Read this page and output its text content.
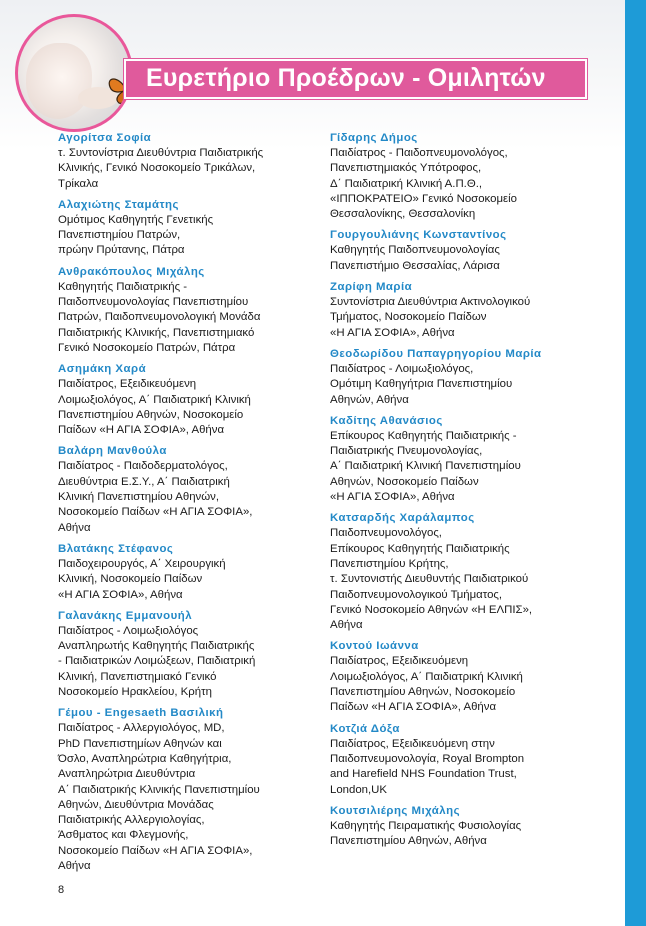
Ευρετήριο Προέδρων - Ομιλητών
Αγορίτσα Σοφία
τ. Συντονίστρια Διευθύντρια Παιδιατρικής
Κλινικής, Γενικό Νοσοκομείο Τρικάλων,
Τρίκαλα
Αλαχιώτης Σταμάτης
Ομότιμος Καθηγητής Γενετικής
Πανεπιστημίου Πατρών,
πρώην Πρύτανης, Πάτρα
Ανθρακόπουλος Μιχάλης
Καθηγητής Παιδιατρικής -
Παιδοπνευμονολογίας Πανεπιστημίου
Πατρών, Παιδοπνευμονολογική Μονάδα
Παιδιατρικής Κλινικής, Πανεπιστημιακό
Γενικό Νοσοκομείο Πατρών, Πάτρα
Ασημάκη Χαρά
Παιδίατρος, Εξειδικευόμενη
Λοιμωξιολόγος, Α΄ Παιδιατρική Κλινική
Πανεπιστημίου Αθηνών, Νοσοκομείο
Παίδων «Η ΑΓΙΑ ΣΟΦΙΑ», Αθήνα
Βαλάρη Μανθούλα
Παιδίατρος - Παιδοδερματολόγος,
Διευθύντρια Ε.Σ.Υ., Α΄ Παιδιατρική
Κλινική Πανεπιστημίου Αθηνών,
Νοσοκομείο Παίδων «Η ΑΓΙΑ ΣΟΦΙΑ»,
Αθήνα
Βλατάκης Στέφανος
Παιδοχειρουργός, Α΄ Χειρουργική
Κλινική, Νοσοκομείο Παίδων
«Η ΑΓΙΑ ΣΟΦΙΑ», Αθήνα
Γαλανάκης Εμμανουήλ
Παιδίατρος - Λοιμωξιολόγος
Αναπληρωτής Καθηγητής Παιδιατρικής
- Παιδιατρικών Λοιμώξεων, Παιδιατρική
Κλινική, Πανεπιστημιακό Γενικό
Νοσοκομείο Ηρακλείου, Κρήτη
Γέμου - Engesaeth Βασιλική
Παιδίατρος - Αλλεργιολόγος, MD,
PhD Πανεπιστημίων Αθηνών και
Όσλο, Αναπληρώτρια Καθηγήτρια,
Αναπληρώτρια Διευθύντρια
Α΄ Παιδιατρικής Κλινικής Πανεπιστημίου
Αθηνών, Διευθύντρια Μονάδας
Παιδιατρικής Αλλεργιολογίας,
Άσθματος και Φλεγμονής,
Νοσοκομείο Παίδων «Η ΑΓΙΑ ΣΟΦΙΑ»,
Αθήνα
Γίδαρης Δήμος
Παιδίατρος - Παιδοπνευμονολόγος,
Πανεπιστημιακός Υπότροφος,
Δ΄ Παιδιατρική Κλινική Α.Π.Θ.,
«ΙΠΠΟΚΡΑΤΕΙΟ» Γενικό Νοσοκομείο
Θεσσαλονίκης, Θεσσαλονίκη
Γουργουλιάνης Κωνσταντίνος
Καθηγητής Παιδοπνευμονολογίας
Πανεπιστήμιο Θεσσαλίας, Λάρισα
Ζαρίφη Μαρία
Συντονίστρια Διευθύντρια Ακτινολογικού
Τμήματος, Νοσοκομείο Παίδων
«Η ΑΓΙΑ ΣΟΦΙΑ», Αθήνα
Θεοδωρίδου Παπαγρηγορίου Μαρία
Παιδίατρος - Λοιμωξιολόγος,
Ομότιμη Καθηγήτρια Πανεπιστημίου
Αθηνών, Αθήνα
Καδίτης Αθανάσιος
Επίκουρος Καθηγητής Παιδιατρικής -
Παιδιατρικής Πνευμονολογίας,
Α΄ Παιδιατρική Κλινική Πανεπιστημίου
Αθηνών, Νοσοκομείο Παίδων
«Η ΑΓΙΑ ΣΟΦΙΑ», Αθήνα
Κατσαρδής Χαράλαμπος
Παιδοπνευμονολόγος,
Επίκουρος Καθηγητής Παιδιατρικής
Πανεπιστημίου Κρήτης,
τ. Συντονιστής Διευθυντής Παιδιατρικού
Παιδοπνευμονολογικού Τμήματος,
Γενικό Νοσοκομείο Αθηνών «Η ΕΛΠΙΣ»,
Αθήνα
Κοντού Ιωάννα
Παιδίατρος, Εξειδικευόμενη
Λοιμωξιολόγος, Α΄ Παιδιατρική Κλινική
Πανεπιστημίου Αθηνών, Νοσοκομείο
Παίδων «Η ΑΓΙΑ ΣΟΦΙΑ», Αθήνα
Κοτζιά Δόξα
Παιδίατρος, Εξειδικευόμενη στην
Παιδοπνευμονολογία, Royal Brompton
and Harefield NHS Foundation Trust,
London,UK
Κουτσιλιέρης Μιχάλης
Καθηγητής Πειραματικής Φυσιολογίας
Πανεπιστημίου Αθηνών, Αθήνα
8
